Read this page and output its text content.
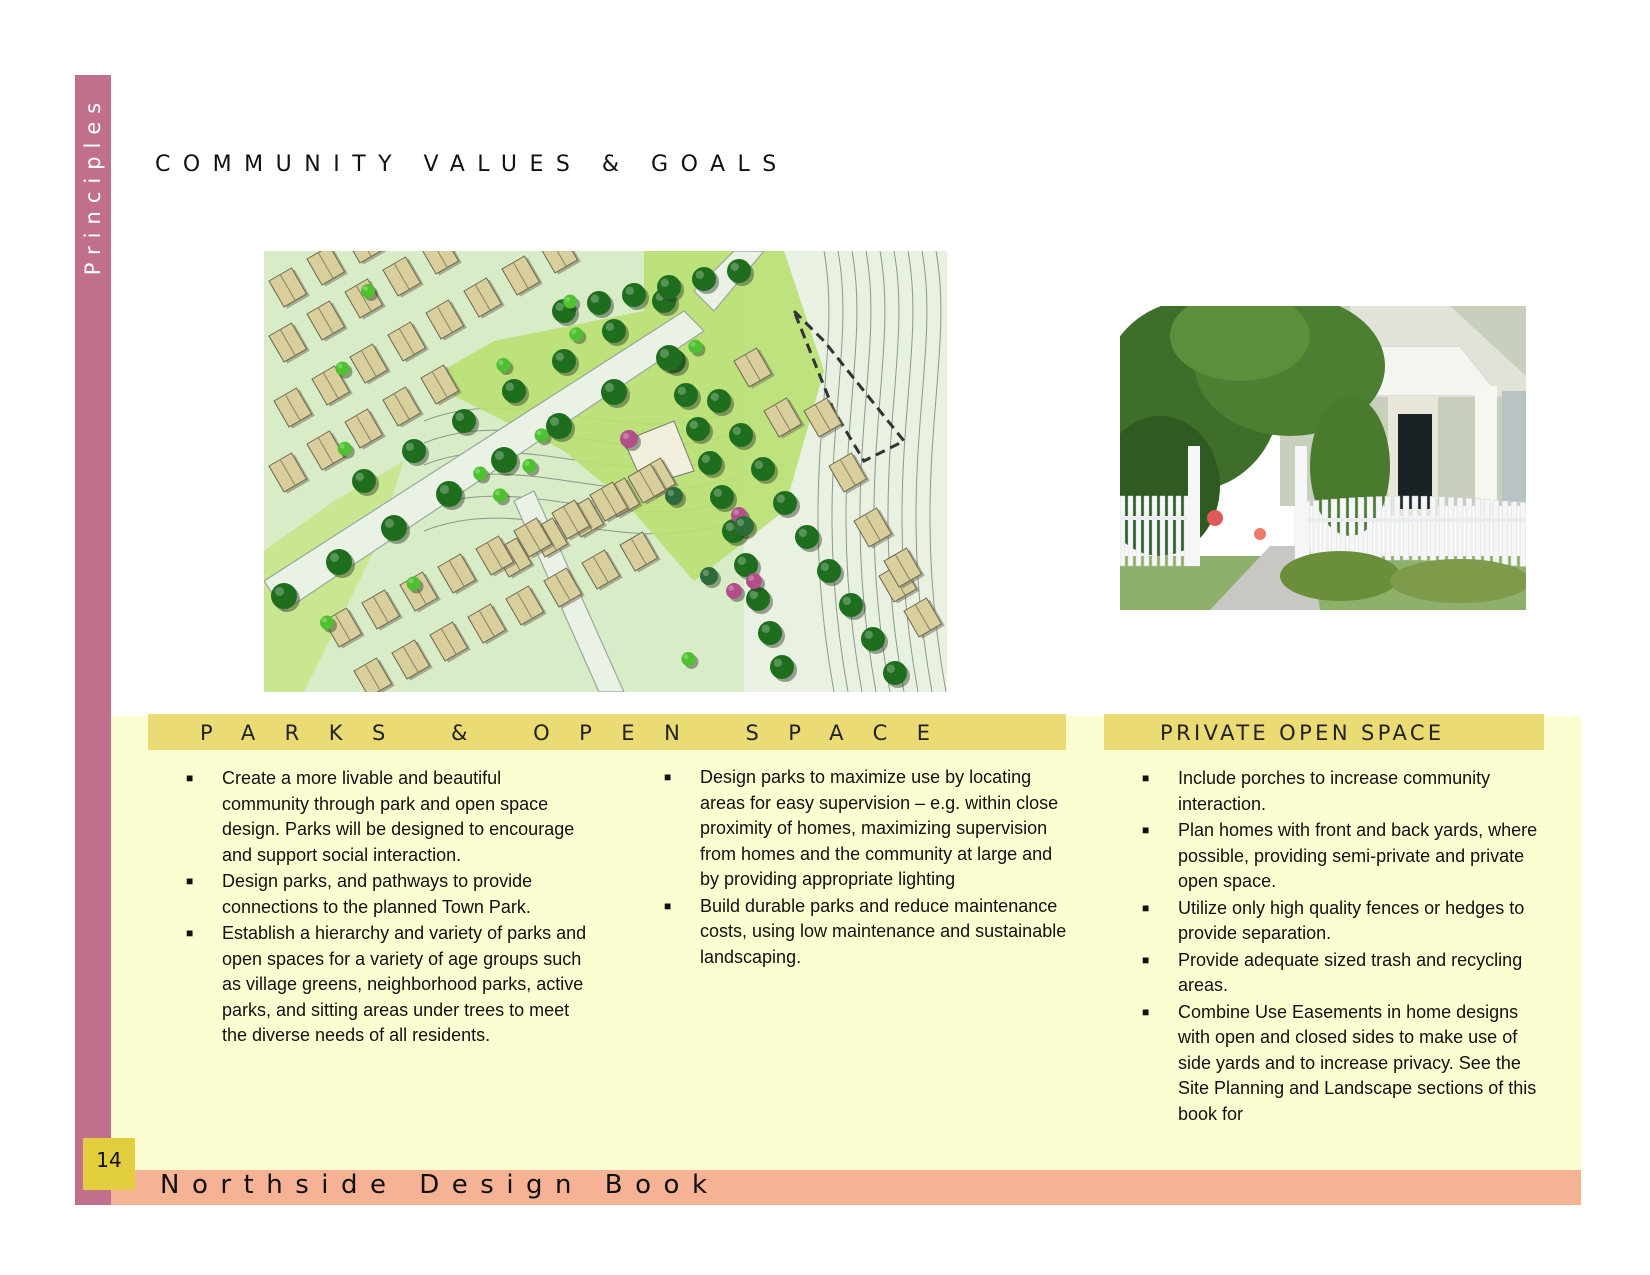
Principles COMMUNITY VALUES & GOALS
PARKS & OPEN SPACE	PRIVATE OPEN SPACE
■ Create a more livable and beautiful community through park and open space design. Parks will be designed to encourage and support social interaction.
■ Design parks, and pathways to provide connections to the planned Town Park.
■ Establish a hierarchy and variety of parks and open spaces for a variety of age groups such as village greens, neighborhood parks, active parks, and sitting areas under trees to meet the diverse needs of all residents.
■ Design parks to maximize use by locating areas for easy supervision – e.g. within close proximity of homes, maximizing supervision from homes and the community at large and by providing appropriate lighting
■ Build durable parks and reduce maintenance costs, using low maintenance and sustainable landscaping.
■ Include porches to increase community interaction.
■ Plan homes with front and back yards, where possible, providing semi-private and private open space.
■ Utilize only high quality fences or hedges to provide separation.
■ Provide adequate sized trash and recycling areas.
■ Combine Use Easements in home designs with open and closed sides to make use of side yards and to increase privacy. See the Site Planning and Landscape sections of this book for
14
Northside Design Book
